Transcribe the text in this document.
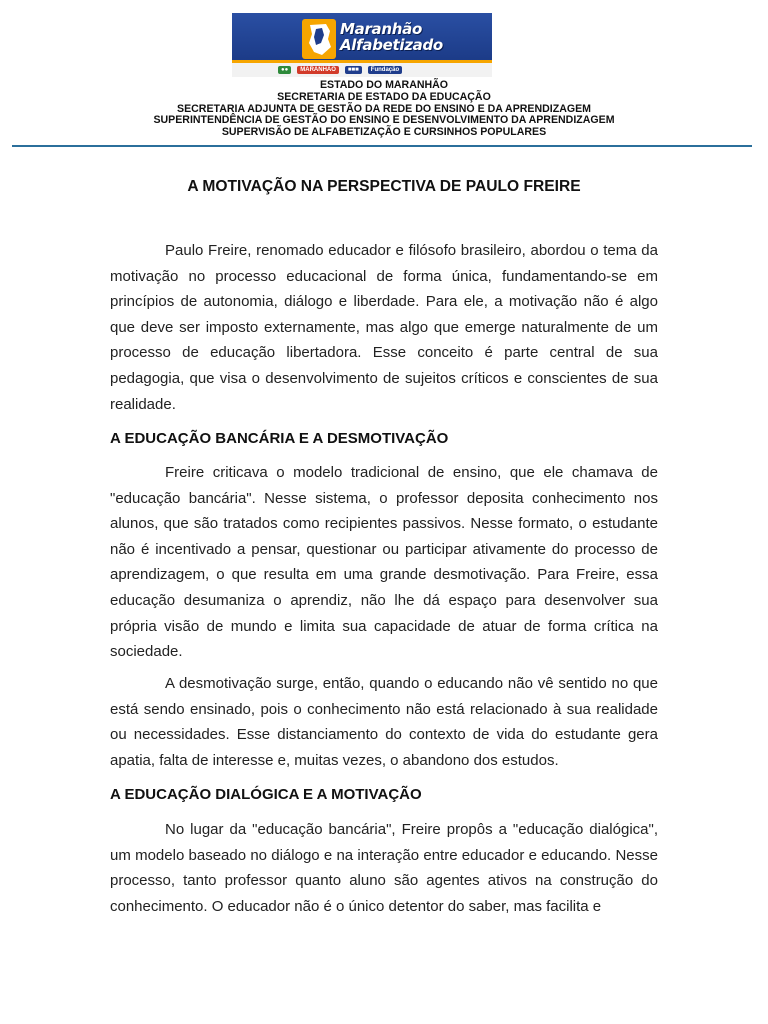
Maranhão
Alfabetizado
●●	MARANHÃO	■■■	Fundação
ESTADO DO MARANHÃO
SECRETARIA DE ESTADO DA EDUCAÇÃO
SECRETARIA ADJUNTA DE GESTÃO DA REDE DO ENSINO E DA APRENDIZAGEM
SUPERINTENDÊNCIA DE GESTÃO DO ENSINO E DESENVOLVIMENTO DA APRENDIZAGEM
SUPERVISÃO DE ALFABETIZAÇÃO E CURSINHOS POPULARES
A MOTIVAÇÃO NA PERSPECTIVA DE PAULO FREIRE

Paulo Freire, renomado educador e filósofo brasileiro, abordou o tema da motivação no processo educacional de forma única, fundamentando-se em princípios de autonomia, diálogo e liberdade. Para ele, a motivação não é algo que deve ser imposto externamente, mas algo que emerge naturalmente de um processo de educação libertadora. Esse conceito é parte central de sua pedagogia, que visa o desenvolvimento de sujeitos críticos e conscientes de sua realidade.

A EDUCAÇÃO BANCÁRIA E A DESMOTIVAÇÃO

Freire criticava o modelo tradicional de ensino, que ele chamava de "educação bancária". Nesse sistema, o professor deposita conhecimento nos alunos, que são tratados como recipientes passivos. Nesse formato, o estudante não é incentivado a pensar, questionar ou participar ativamente do processo de aprendizagem, o que resulta em uma grande desmotivação. Para Freire, essa educação desumaniza o aprendiz, não lhe dá espaço para desenvolver sua própria visão de mundo e limita sua capacidade de atuar de forma crítica na sociedade.

A desmotivação surge, então, quando o educando não vê sentido no que está sendo ensinado, pois o conhecimento não está relacionado à sua realidade ou necessidades. Esse distanciamento do contexto de vida do estudante gera apatia, falta de interesse e, muitas vezes, o abandono dos estudos.

A EDUCAÇÃO DIALÓGICA E A MOTIVAÇÃO

No lugar da "educação bancária", Freire propôs a "educação dialógica", um modelo baseado no diálogo e na interação entre educador e educando. Nesse processo, tanto professor quanto aluno são agentes ativos na construção do conhecimento. O educador não é o único detentor do saber, mas facilita e
